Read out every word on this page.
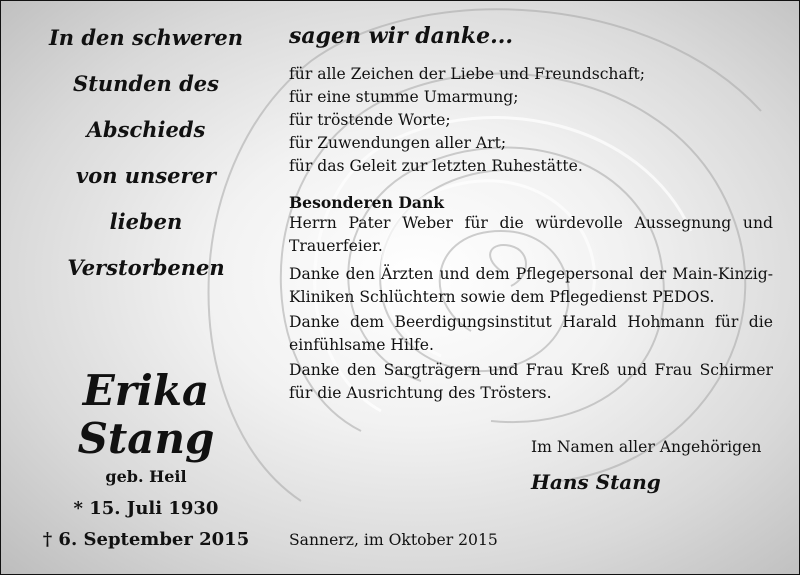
In den schweren
Stunden des
Abschieds
von unserer
lieben
Verstorbenen
Erika
Stang
geb. Heil
* 15. Juli 1930
† 6. September 2015
sagen wir danke...
für alle Zeichen der Liebe und Freundschaft;
für eine stumme Umarmung;
für tröstende Worte;
für Zuwendungen aller Art;
für das Geleit zur letzten Ruhestätte.
Besonderen Dank
Herrn Pater Weber für die würdevolle Aussegnung und Trauerfeier.
Danke den Ärzten und dem Pflegepersonal der Main-Kinzig-Kliniken Schlüchtern sowie dem Pflegedienst PEDOS.
Danke dem Beerdigungsinstitut Harald Hohmann für die einfühlsame Hilfe.
Danke den Sargträgern und Frau Kreß und Frau Schirmer für die Ausrichtung des Trösters.
Im Namen aller Angehörigen
Hans Stang
Sannerz, im Oktober 2015
